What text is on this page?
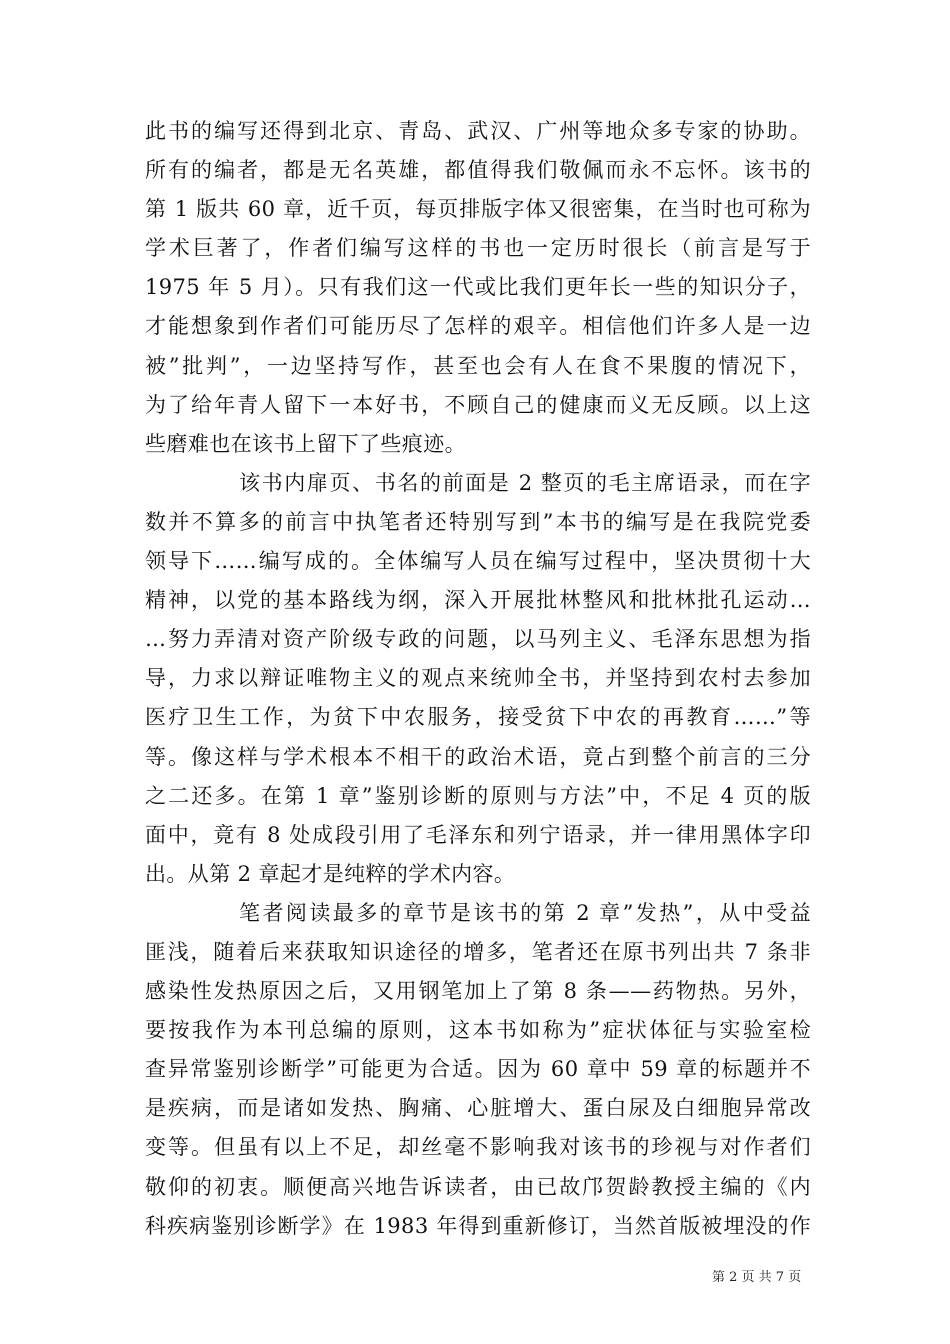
此书的编写还得到北京、青岛、武汉、广州等地众多专家的协助。
所有的编者，都是无名英雄，都值得我们敬佩而永不忘怀。该书的
第 1 版共 60 章，近千页，每页排版字体又很密集，在当时也可称为
学术巨著了，作者们编写这样的书也一定历时很长（前言是写于
1975 年 5 月）。只有我们这一代或比我们更年长一些的知识分子，
才能想象到作者们可能历尽了怎样的艰辛。相信他们许多人是一边
被”批判”，一边坚持写作，甚至也会有人在食不果腹的情况下，
为了给年青人留下一本好书，不顾自己的健康而义无反顾。以上这
些磨难也在该书上留下了些痕迹。
该书内扉页、书名的前面是 2 整页的毛主席语录，而在字
数并不算多的前言中执笔者还特别写到”本书的编写是在我院党委
领导下……编写成的。全体编写人员在编写过程中，坚决贯彻十大
精神，以党的基本路线为纲，深入开展批林整风和批林批孔运动…
…努力弄清对资产阶级专政的问题，以马列主义、毛泽东思想为指
导，力求以辩证唯物主义的观点来统帅全书，并坚持到农村去参加
医疗卫生工作，为贫下中农服务，接受贫下中农的再教育……”等
等。像这样与学术根本不相干的政治术语，竟占到整个前言的三分
之二还多。在第 1 章”鉴别诊断的原则与方法”中，不足 4 页的版
面中，竟有 8 处成段引用了毛泽东和列宁语录，并一律用黑体字印
出。从第 2 章起才是纯粹的学术内容。
笔者阅读最多的章节是该书的第 2 章”发热”，从中受益
匪浅，随着后来获取知识途径的增多，笔者还在原书列出共 7 条非
感染性发热原因之后，又用钢笔加上了第 8 条——药物热。另外，
要按我作为本刊总编的原则，这本书如称为”症状体征与实验室检
查异常鉴别诊断学”可能更为合适。因为 60 章中 59 章的标题并不
是疾病，而是诸如发热、胸痛、心脏增大、蛋白尿及白细胞异常改
变等。但虽有以上不足，却丝毫不影响我对该书的珍视与对作者们
敬仰的初衷。顺便高兴地告诉读者，由已故邝贺龄教授主编的《内
科疾病鉴别诊断学》在 1983 年得到重新修订，当然首版被埋没的作
第 2 页 共 7 页
